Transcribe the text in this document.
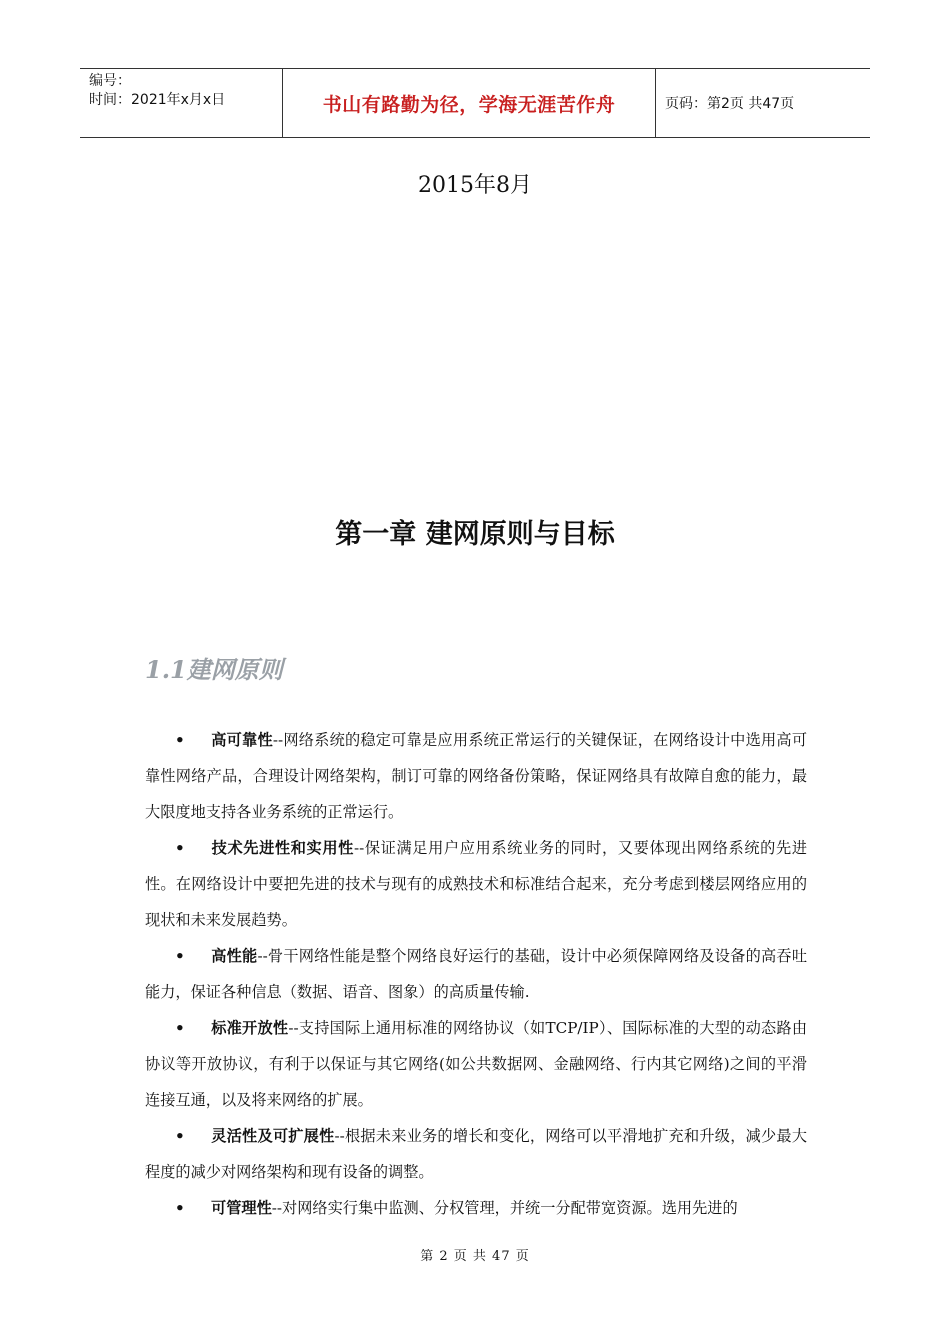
编号：
时间：2021年x月x日	书山有路勤为径，学海无涯苦作舟	页码：第2页 共47页
2015年8月
第一章 建网原则与目标
1.1建网原则

• 高可靠性--网络系统的稳定可靠是应用系统正常运行的关键保证，在网络设计中选用高可靠性网络产品，合理设计网络架构，制订可靠的网络备份策略，保证网络具有故障自愈的能力，最大限度地支持各业务系统的正常运行。

• 技术先进性和实用性--保证满足用户应用系统业务的同时，又要体现出网络系统的先进性。在网络设计中要把先进的技术与现有的成熟技术和标准结合起来，充分考虑到楼层网络应用的现状和未来发展趋势。

• 高性能--骨干网络性能是整个网络良好运行的基础，设计中必须保障网络及设备的高吞吐能力，保证各种信息（数据、语音、图象）的高质量传输.

• 标准开放性--支持国际上通用标准的网络协议（如TCP/IP）、国际标准的大型的动态路由协议等开放协议，有利于以保证与其它网络(如公共数据网、金融网络、行内其它网络)之间的平滑连接互通，以及将来网络的扩展。

• 灵活性及可扩展性--根据未来业务的增长和变化，网络可以平滑地扩充和升级，减少最大程度的减少对网络架构和现有设备的调整。

• 可管理性--对网络实行集中监测、分权管理，并统一分配带宽资源。选用先进的

第 2 页 共 47 页
